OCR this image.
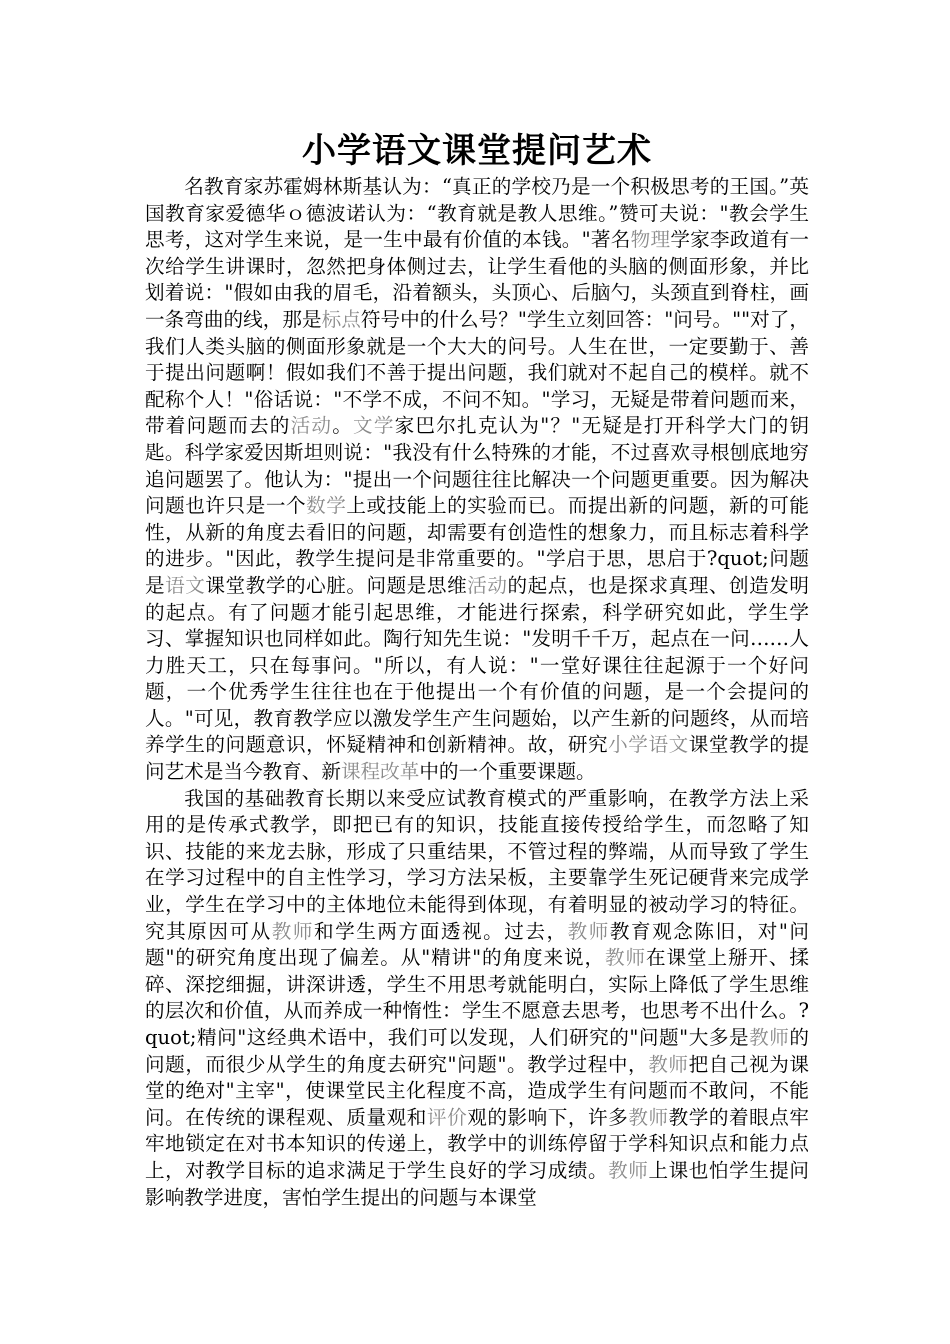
小学语文课堂提问艺术

名教育家苏霍姆林斯基认为：“真正的学校乃是一个积极思考的王国。”英国教育家爱德华ｏ德波诺认为：“教育就是教人思维。”赞可夫说："教会学生思考，这对学生来说，是一生中最有价值的本钱。"著名物理学家李政道有一次给学生讲课时，忽然把身体侧过去，让学生看他的头脑的侧面形象，并比划着说："假如由我的眉毛，沿着额头，头顶心、后脑勺，头颈直到脊柱，画一条弯曲的线，那是标点符号中的什么号？"学生立刻回答："问号。""对了，我们人类头脑的侧面形象就是一个大大的问号。人生在世，一定要勤于、善于提出问题啊！假如我们不善于提出问题，我们就对不起自己的模样。就不配称个人！"俗话说："不学不成，不问不知。"学习，无疑是带着问题而来，带着问题而去的活动。文学家巴尔扎克认为"？"无疑是打开科学大门的钥匙。科学家爱因斯坦则说："我没有什么特殊的才能，不过喜欢寻根刨底地穷追问题罢了。他认为："提出一个问题往往比解决一个问题更重要。因为解决问题也许只是一个数学上或技能上的实验而已。而提出新的问题，新的可能性，从新的角度去看旧的问题，却需要有创造性的想象力，而且标志着科学的进步。"因此，教学生提问是非常重要的。"学启于思，思启于?quot;问题是语文课堂教学的心脏。问题是思维活动的起点，也是探求真理、创造发明的起点。有了问题才能引起思维，才能进行探索，科学研究如此，学生学习、掌握知识也同样如此。陶行知先生说："发明千千万，起点在一问……人力胜天工，只在每事问。"所以，有人说："一堂好课往往起源于一个好问题，一个优秀学生往往也在于他提出一个有价值的问题，是一个会提问的人。"可见，教育教学应以激发学生产生问题始，以产生新的问题终，从而培养学生的问题意识，怀疑精神和创新精神。故，研究小学语文课堂教学的提问艺术是当今教育、新课程改革中的一个重要课题。

我国的基础教育长期以来受应试教育模式的严重影响，在教学方法上采用的是传承式教学，即把已有的知识，技能直接传授给学生，而忽略了知识、技能的来龙去脉，形成了只重结果，不管过程的弊端，从而导致了学生在学习过程中的自主性学习，学习方法呆板，主要靠学生死记硬背来完成学业，学生在学习中的主体地位未能得到体现，有着明显的被动学习的特征。究其原因可从教师和学生两方面透视。过去，教师教育观念陈旧，对"问题"的研究角度出现了偏差。从"精讲"的角度来说，教师在课堂上掰开、揉碎、深挖细掘，讲深讲透，学生不用思考就能明白，实际上降低了学生思维的层次和价值，从而养成一种惰性：学生不愿意去思考，也思考不出什么。?quot;精问"这经典术语中，我们可以发现，人们研究的"问题"大多是教师的问题，而很少从学生的角度去研究"问题"。教学过程中，教师把自己视为课堂的绝对"主宰"，使课堂民主化程度不高，造成学生有问题而不敢问，不能问。在传统的课程观、质量观和评价观的影响下，许多教师教学的着眼点牢牢地锁定在对书本知识的传递上，教学中的训练停留于学科知识点和能力点上，对教学目标的追求满足于学生良好的学习成绩。教师上课也怕学生提问影响教学进度，害怕学生提出的问题与本课堂
